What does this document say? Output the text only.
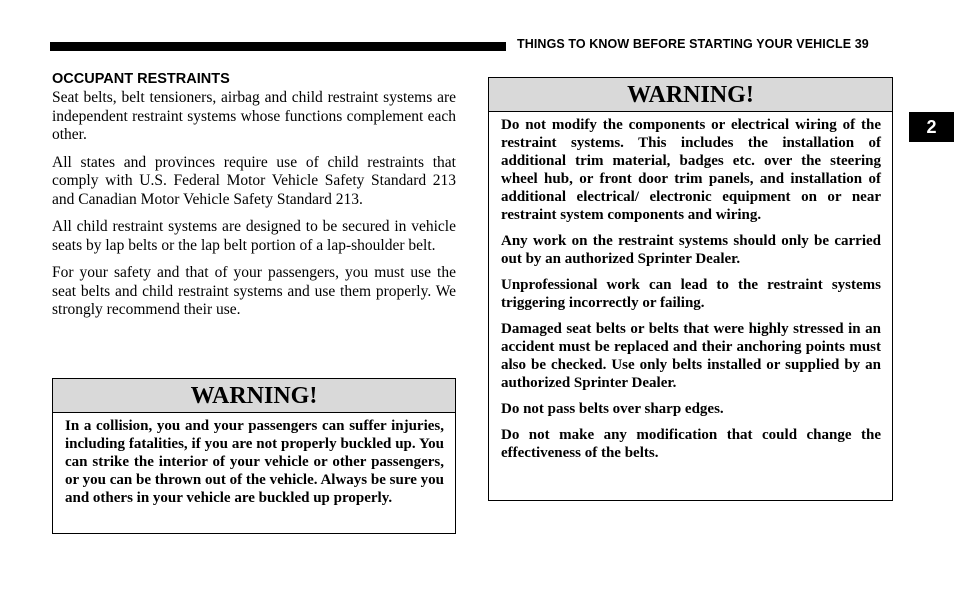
THINGS TO KNOW BEFORE STARTING YOUR VEHICLE 39
2
OCCUPANT RESTRAINTS

Seat belts, belt tensioners, airbag and child restraint systems are independent restraint systems whose functions complement each other.

All states and provinces require use of child restraints that comply with U.S. Federal Motor Vehicle Safety Standard 213 and Canadian Motor Vehicle Safety Standard 213.

All child restraint systems are designed to be secured in vehicle seats by lap belts or the lap belt portion of a lap-shoulder belt.

For your safety and that of your passengers, you must use the seat belts and child restraint systems and use them properly. We strongly recommend their use.

WARNING!

In a collision, you and your passengers can suffer injuries, including fatalities, if you are not properly buckled up. You can strike the interior of your vehicle or other passengers, or you can be thrown out of the vehicle. Always be sure you and others in your vehicle are buckled up properly.

WARNING!

Do not modify the components or electrical wiring of the restraint systems. This includes the installation of additional trim material, badges etc. over the steering wheel hub, or front door trim panels, and installation of additional electrical/ electronic equipment on or near restraint system components and wiring.

Any work on the restraint systems should only be carried out by an authorized Sprinter Dealer.

Unprofessional work can lead to the restraint systems triggering incorrectly or failing.

Damaged seat belts or belts that were highly stressed in an accident must be replaced and their anchoring points must also be checked. Use only belts installed or supplied by an authorized Sprinter Dealer.

Do not pass belts over sharp edges.

Do not make any modification that could change the effectiveness of the belts.
